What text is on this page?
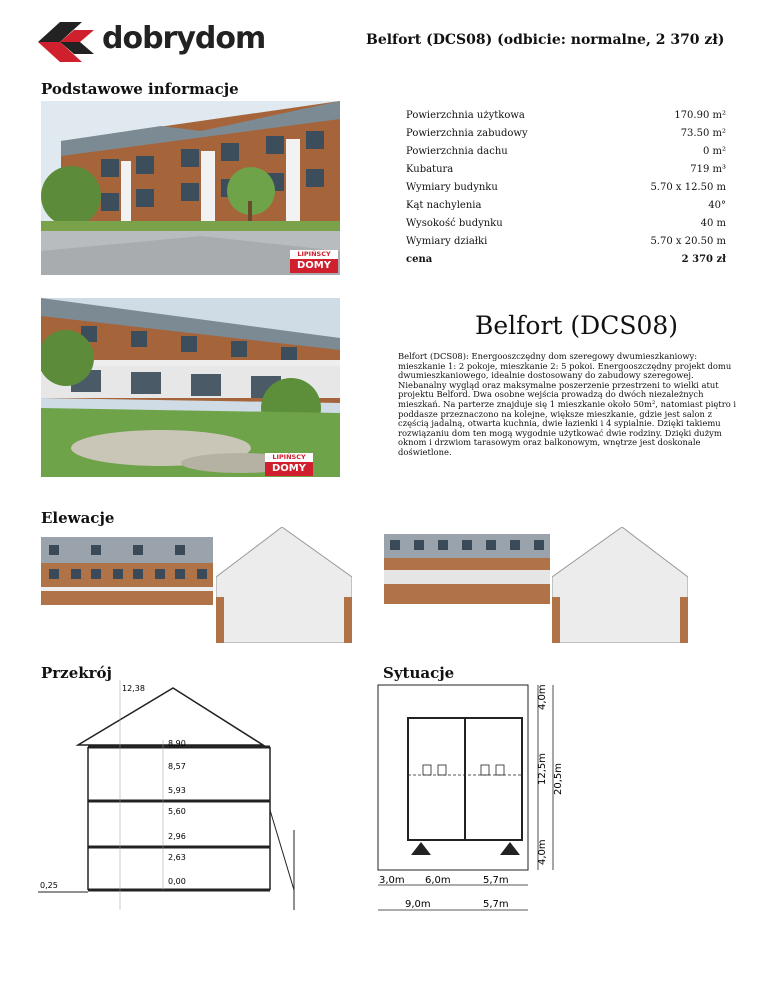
dobrydom	Belfort (DCS08) (odbicie: normalne, 2 370 zł)
Podstawowe informacje
LIPIŃSCY
DOMY
Powierzchnia użytkowa	170.90 m²
Powierzchnia zabudowy	73.50 m²
Powierzchnia dachu	0 m²
Kubatura	719 m³
Wymiary budynku	5.70 x 12.50 m
Kąt nachylenia	40°
Wysokość budynku	40 m
Wymiary działki	5.70 x 20.50 m
cena	2 370 zł
LIPIŃSCY
DOMY
Belfort (DCS08)
Belfort (DCS08): Energooszczędny dom szeregowy dwumieszkaniowy: mieszkanie 1: 2 pokoje, mieszkanie 2: 5 pokoi. Energooszczędny projekt domu dwumieszkaniowego, idealnie dostosowany do zabudowy szeregowej. Niebanalny wygląd oraz maksymalne poszerzenie przestrzeni to wielki atut projektu Belford. Dwa osobne wejścia prowadzą do dwóch niezależnych mieszkań. Na parterze znajduje się 1 mieszkanie około 50m², natomiast piętro i poddasze przeznaczono na kolejne, większe mieszkanie, gdzie jest salon z częścią jadalną, otwarta kuchnia, dwie łazienki i 4 sypialnie. Dzięki takiemu rozwiązaniu dom ten mogą wygodnie użytkować dwie rodziny. Dzięki dużym oknom i drzwiom tarasowym oraz balkonowym, wnętrze jest doskonale doświetlone.
Elewacje
Przekrój
12,38
8,90
8,57
5,93
5,60
2,96
2,63
0,00
0,25
Sytuacje
4,0m
12,5m 20,5m
4,0m
3,0m 6,0m	5,7m
9,0m	5,7m
